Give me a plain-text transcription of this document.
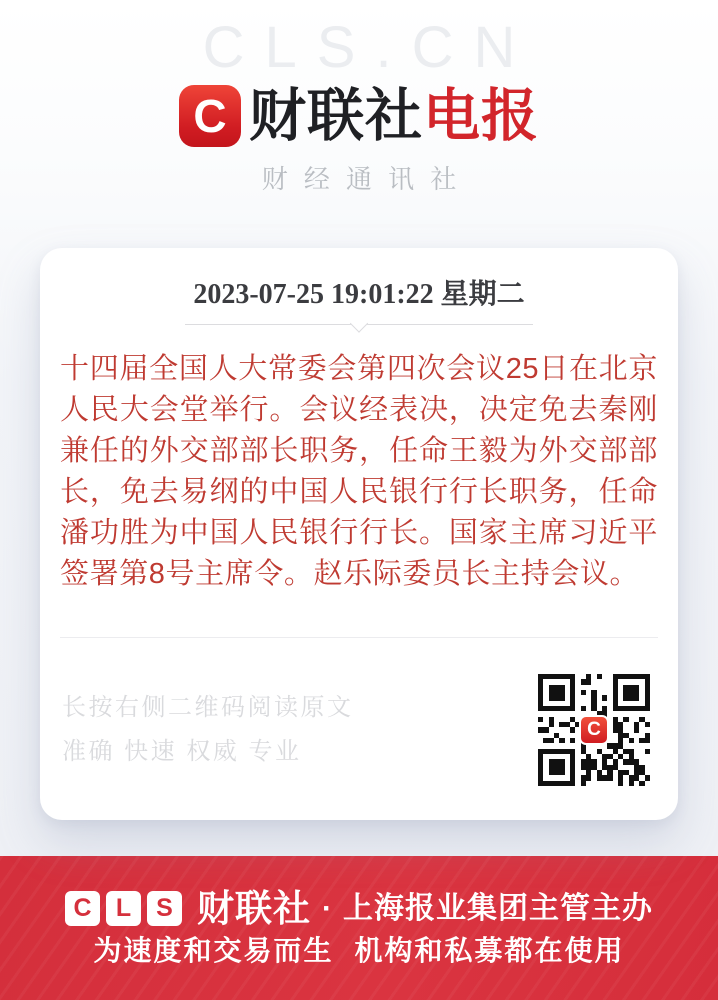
CLS.CN
C 财联社电报
财经通讯社
2023-07-25 19:01:22 星期二
十四届全国人大常委会第四次会议25日在北京人民大会堂举行。会议经表决，决定免去秦刚兼任的外交部部长职务，任命王毅为外交部部长，免去易纲的中国人民银行行长职务，任命潘功胜为中国人民银行行长。国家主席习近平签署第8号主席令。赵乐际委员长主持会议。
长按右侧二维码阅读原文
准确 快速 权威 专业
C
C L	S 财联社 · 上海报业集团主管主办
为速度和交易而生 机构和私募都在使用
